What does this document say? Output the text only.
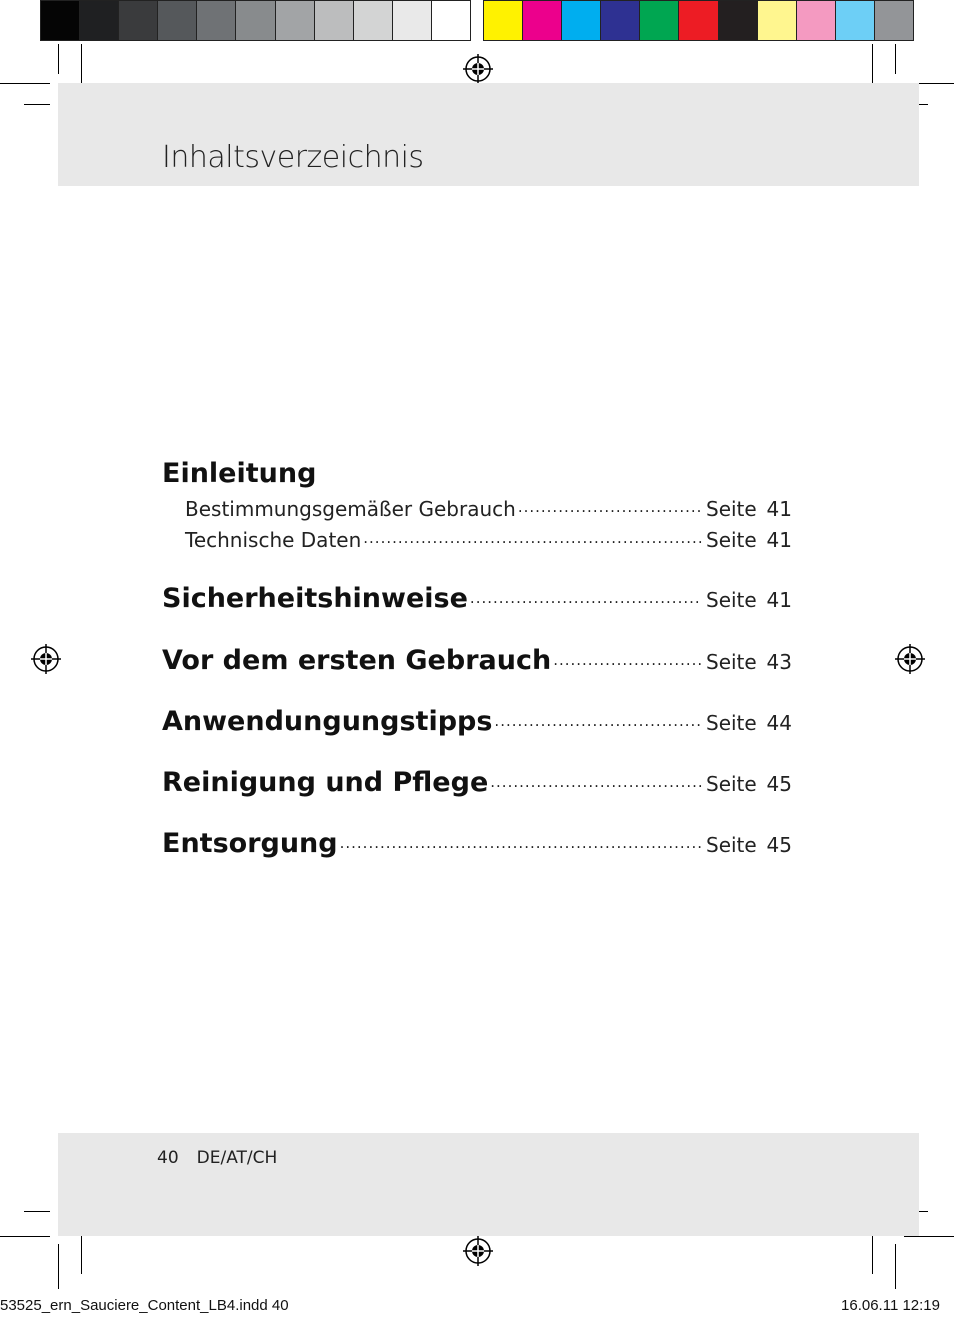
Inhaltsverzeichnis
Einleitung
Bestimmungsgemäßer Gebrauch .....	Seite 41
Technische Daten .....	Seite 41
Sicherheitshinweise .....	Seite 41
Vor dem ersten Gebrauch .....	Seite 43
Anwendungungstipps .....	Seite 44
Reinigung und Pflege .....	Seite 45
Entsorgung .....	Seite 45
40 DE/AT/CH
53525_ern_Sauciere_Content_LB4.indd 40	16.06.11 12:19
